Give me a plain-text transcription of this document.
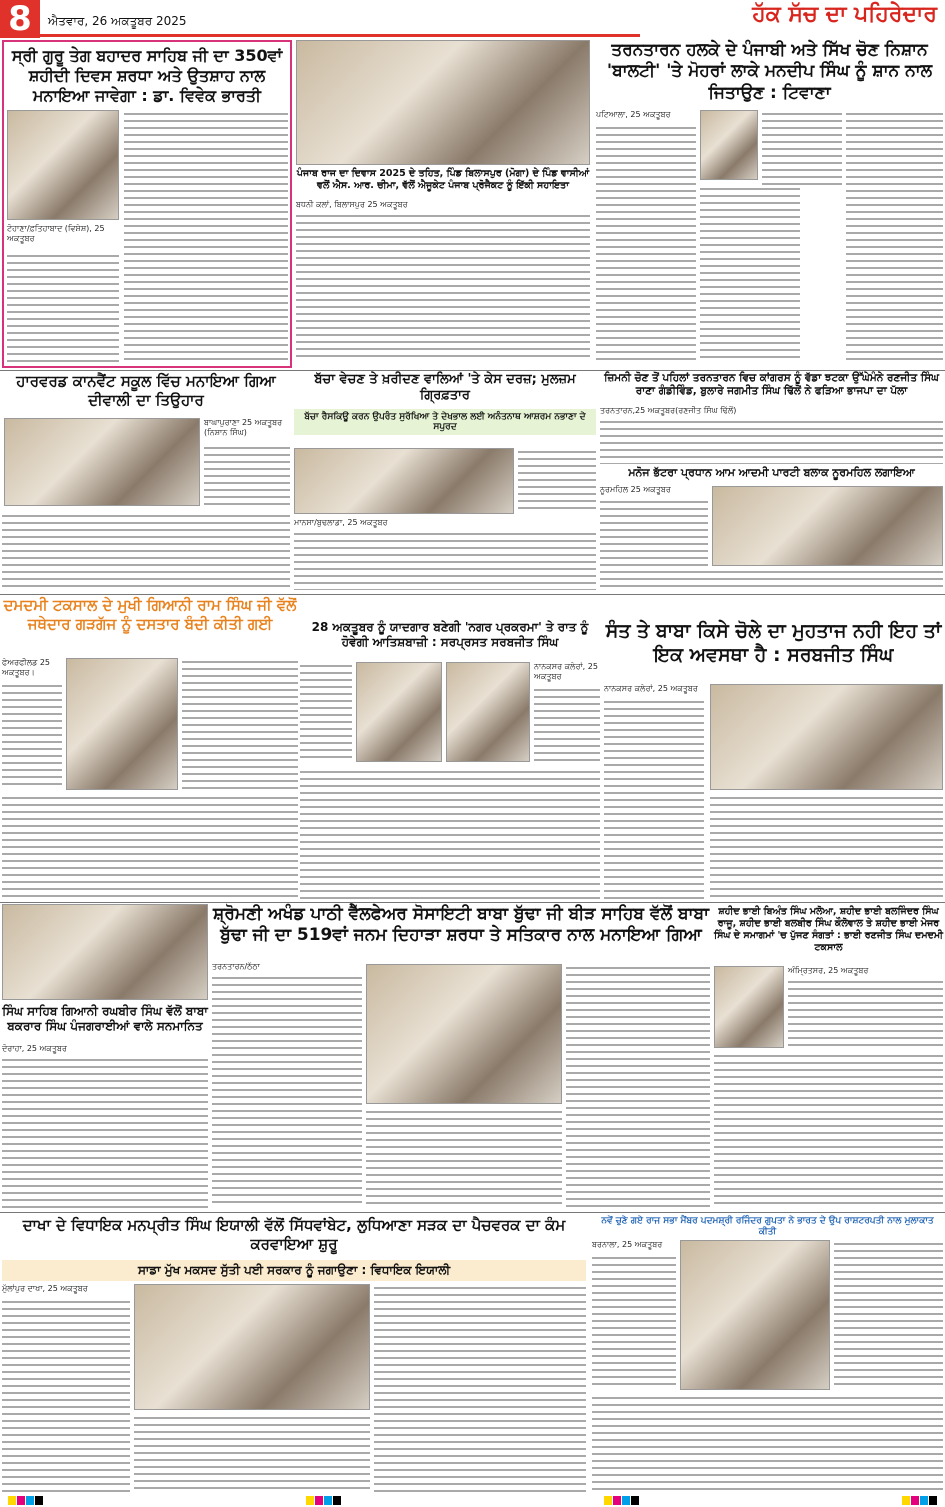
8	ਐਤਵਾਰ, 26 ਅਕਤੂਬਰ 2025	ਹੱਕ ਸੱਚ ਦਾ ਪਹਿਰੇਦਾਰ
ਸ੍ਰੀ ਗੁਰੂ ਤੇਗ ਬਹਾਦਰ ਸਾਹਿਬ ਜੀ ਦਾ 350ਵਾਂ ਸ਼ਹੀਦੀ ਦਿਵਸ ਸ਼ਰਧਾ ਅਤੇ ਉਤਸ਼ਾਹ ਨਾਲ ਮਨਾਇਆ ਜਾਵੇਗਾ : ਡਾ. ਵਿਵੇਕ ਭਾਰਤੀ
ਟੋਹਾਣਾ/ਫ਼ਤਿਹਾਬਾਦ (ਵਿਸ਼ੇਸ਼), 25 ਅਕਤੂਬਰ
ਪੰਜਾਬ ਰਾਜ ਦਾ ਦਿਵਾਸ 2025 ਦੇ ਤਹਿਤ, ਪਿੰਡ ਬਿਲਾਸਪੁਰ (ਮੋਗਾ) ਦੇ ਪਿੰਡ ਵਾਸੀਆਂ ਵਲੋਂ ਐਸ. ਆਰ. ਚੀਮਾ, ਵੱਲੋਂ ਐਜੂਕੇਟ ਪੰਜਾਬ ਪ੍ਰੋਜੈਕਟ ਨੂੰ ਇੱਕੀ ਸਹਾਇਤਾ
ਬਧਨੀ ਕਲਾਂ, ਬਿਲਾਸਪੁਰ 25 ਅਕਤੂਬਰ
ਤਰਨਤਾਰਨ ਹਲਕੇ ਦੇ ਪੰਜਾਬੀ ਅਤੇ ਸਿੱਖ ਚੋਣ ਨਿਸ਼ਾਨ 'ਬਾਲਟੀ' 'ਤੇ ਮੋਹਰਾਂ ਲਾਕੇ ਮਨਦੀਪ ਸਿੰਘ ਨੂੰ ਸ਼ਾਨ ਨਾਲ ਜਿਤਾਉਣ : ਟਿਵਾਣਾ
ਪਟਿਆਲਾ, 25 ਅਕਤੂਬਰ
ਹਾਰਵਰਡ ਕਾਨਵੈਂਟ ਸਕੂਲ ਵਿੱਚ ਮਨਾਇਆ ਗਿਆ ਦੀਵਾਲੀ ਦਾ ਤਿਉਹਾਰ
ਬਾਘਾਪੁਰਾਣਾ 25 ਅਕਤੂਬਰ (ਨਿਸ਼ਾਨ ਸਿੰਘ)
ਬੱਚਾ ਵੇਚਣ ਤੇ ਖ਼ਰੀਦਣ ਵਾਲਿਆਂ 'ਤੇ ਕੇਸ ਦਰਜ਼; ਮੁਲਜ਼ਮ ਗ੍ਰਿਫ਼ਤਾਰ
ਬੱਚਾ ਰੈਸਕਿਊ ਕਰਨ ਉਪਰੰਤ ਸੁਰੱਖਿਆ ਤੇ ਦੇਖਭਾਲ ਲਈ ਅਨੰਤਨਾਥ ਆਸ਼ਰਮ ਨਭਾਣਾ ਦੇ ਸਪੁਰਦ
ਮਾਨਸਾ/ਬੁਢਲਾਡਾ, 25 ਅਕਤੂਬਰ
ਜ਼ਿਮਨੀ ਚੋਣ ਤੋਂ ਪਹਿਲਾਂ ਤਰਨਤਾਰਨ ਵਿਚ ਕਾਂਗਰਸ ਨੂੰ ਵੱਡਾ ਝਟਕਾ ਉੱਘੇਮੰਨੇ ਰਣਜੀਤ ਸਿੰਘ ਰਾਣਾ ਗੰਡੀਵਿੰਡ, ਬੁਲਾਰੇ ਜਗਮੀਤ ਸਿੰਘ ਢਿੱਲੋਂ ਨੇ ਫੜਿਆ ਭਾਜਪਾ ਦਾ ਪੱਲਾ
ਤਰਨਤਾਰਨ,25 ਅਕਤੂਬਰ(ਰਣਜੀਤ ਸਿੰਘ ਢਿੱਲੋਂ)
ਮਨੋਜ ਭੱਟਰਾ ਪ੍ਰਧਾਨ ਆਮ ਆਦਮੀ ਪਾਰਟੀ ਬਲਾਕ ਨੂਰਮਹਿਲ ਲਗਾਇਆ
ਨੂਰਮਹਿਲ 25 ਅਕਤੂਬਰ
ਦਮਦਮੀ ਟਕਸਾਲ ਦੇ ਮੁਖੀ ਗਿਆਨੀ ਰਾਮ ਸਿੰਘ ਜੀ ਵੱਲੋਂ ਜਥੇਦਾਰ ਗੜਗੱਜ ਨੂੰ ਦਸਤਾਰ ਬੰਦੀ ਕੀਤੀ ਗਈ
ਫੇਅਰਫੀਲਡ 25 ਅਕਤੂਬਰ।
28 ਅਕਤੂਬਰ ਨੂੰ ਯਾਦਗਾਰ ਬਣੇਗੀ 'ਨਗਰ ਪ੍ਰਕਰਮਾ' ਤੇ ਰਾਤ ਨੂੰ ਹੋਵੇਗੀ ਆਤਿਸ਼ਬਾਜ਼ੀ : ਸਰਪ੍ਰਸਤ ਸਰਬਜੀਤ ਸਿੰਘ
ਨਾਨਕਸਰ ਕਲੇਰਾਂ, 25 ਅਕਤੂਬਰ
ਸੰਤ ਤੇ ਬਾਬਾ ਕਿਸੇ ਚੋਲੇ ਦਾ ਮੁਹਤਾਜ ਨਹੀ ਇਹ ਤਾਂ ਇਕ ਅਵਸਥਾ ਹੈ : ਸਰਬਜੀਤ ਸਿੰਘ
ਨਾਨਕਸਰ ਕਲੇਰਾਂ, 25 ਅਕਤੂਬਰ
ਸਿੰਘ ਸਾਹਿਬ ਗਿਆਨੀ ਰਘਬੀਰ ਸਿੰਘ ਵੱਲੋਂ ਬਾਬਾ ਬਕਰਾਰ ਸਿੰਘ ਪੰਜਗਰਾਈਆਂ ਵਾਲੇ ਸਨਮਾਨਿਤ
ਦੋਰਾਹਾ, 25 ਅਕਤੂਬਰ
ਸ਼੍ਰੋਮਣੀ ਅਖੰਡ ਪਾਠੀ ਵੈੱਲਫੇਅਰ ਸੋਸਾਇਟੀ ਬਾਬਾ ਬੁੱਢਾ ਜੀ ਬੀੜ ਸਾਹਿਬ ਵੱਲੋਂ ਬਾਬਾ ਬੁੱਢਾ ਜੀ ਦਾ 519ਵਾਂ ਜਨਮ ਦਿਹਾੜਾ ਸ਼ਰਧਾ ਤੇ ਸਤਿਕਾਰ ਨਾਲ ਮਨਾਇਆ ਗਿਆ
ਤਰਨਤਾਰਨ/ਠੱਠਾ
ਸ਼ਹੀਦ ਭਾਈ ਬਿਅੰਤ ਸਿੰਘ ਮਲੋਆ, ਸ਼ਹੀਦ ਭਾਈ ਬਲਜਿੰਦਰ ਸਿੰਘ ਰਾਜੂ, ਸ਼ਹੀਦ ਭਾਈ ਬਲਬੀਰ ਸਿੰਘ ਕੌਲੋਵਾਲ ਤੇ ਸ਼ਹੀਦ ਭਾਈ ਮੇਜਰ ਸਿੰਘ ਦੇ ਸਮਾਗਮਾਂ 'ਚ ਪੁੱਜਣ ਸੰਗਤਾਂ : ਭਾਈ ਰਣਜੀਤ ਸਿੰਘ ਦਮਦਮੀ ਟਕਸਾਲ
ਅੰਮ੍ਰਿਤਸਰ, 25 ਅਕਤੂਬਰ
ਦਾਖਾ ਦੇ ਵਿਧਾਇਕ ਮਨਪ੍ਰੀਤ ਸਿੰਘ ਇਯਾਲੀ ਵੱਲੋਂ ਸਿੱਧਵਾਂਬੇਟ, ਲੁਧਿਆਣਾ ਸੜਕ ਦਾ ਪੈਚਵਰਕ ਦਾ ਕੰਮ ਕਰਵਾਇਆ ਸ਼ੁਰੂ
ਸਾਡਾ ਮੁੱਖ ਮਕਸਦ ਸੁੱਤੀ ਪਈ ਸਰਕਾਰ ਨੂੰ ਜਗਾਉਣਾ : ਵਿਧਾਇਕ ਇਯਾਲੀ
ਮੁੱਲਾਂਪੁਰ ਦਾਖਾ, 25 ਅਕਤੂਬਰ
ਨਵੇਂ ਚੁਣੇ ਗਏ ਰਾਜ ਸਭਾ ਮੈਂਬਰ ਪਦਮਸ਼੍ਰੀ ਰਜਿੰਦਰ ਗੁਪਤਾ ਨੇ ਭਾਰਤ ਦੇ ਉਪ ਰਾਸ਼ਟਰਪਤੀ ਨਾਲ ਮੁਲਾਕਾਤ ਕੀਤੀ
ਬਰਨਾਲਾ, 25 ਅਕਤੂਬਰ
